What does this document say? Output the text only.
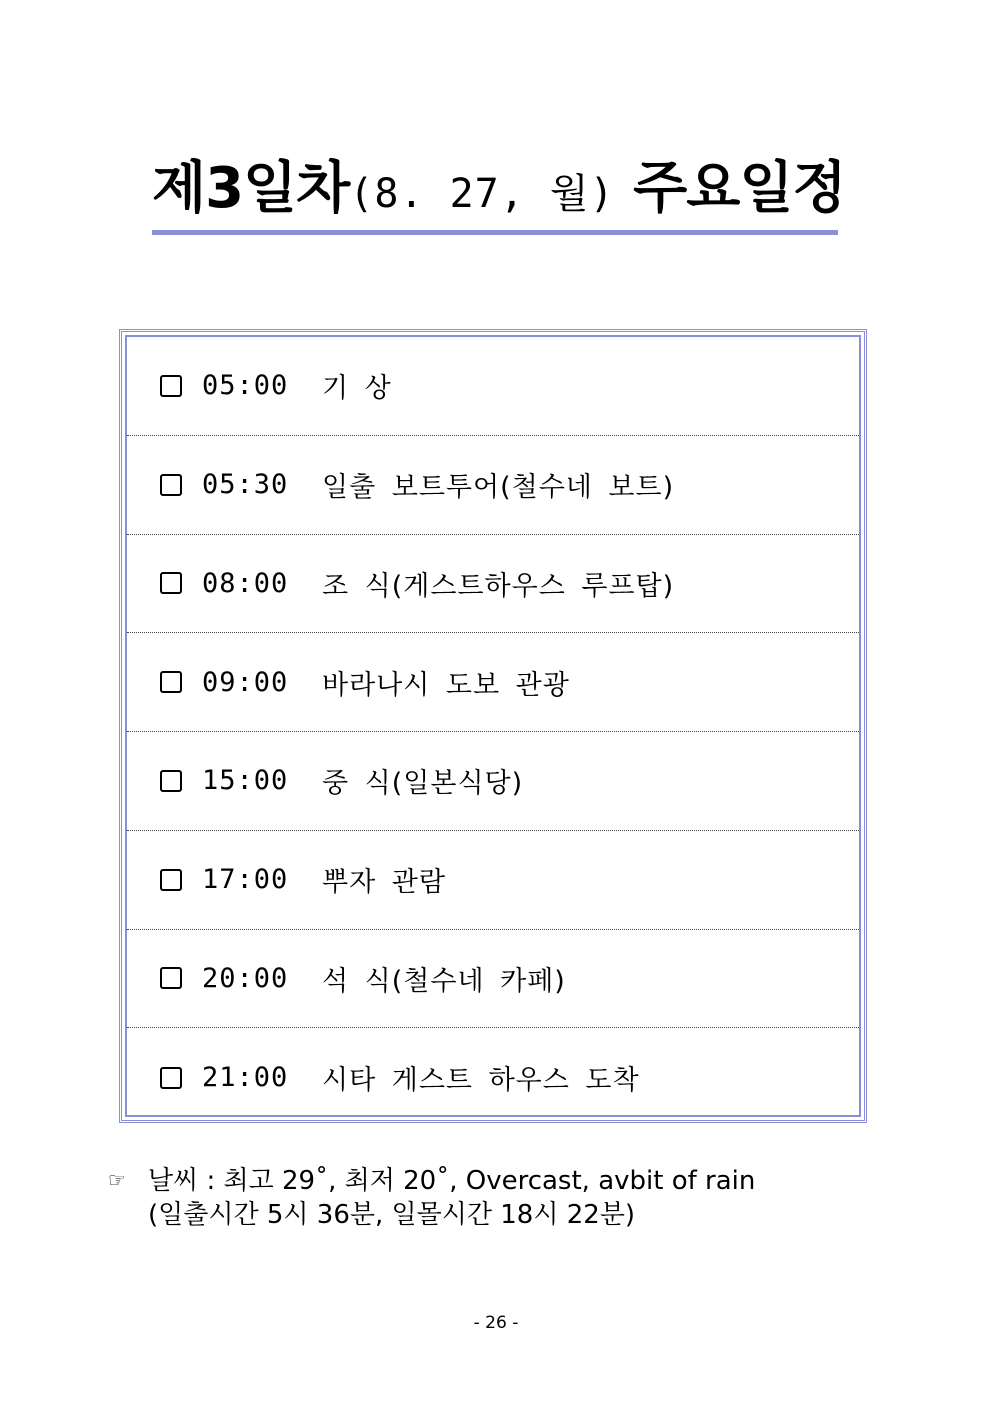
제3일차(8. 27, 월) 주요일정
05:00	기 상
05:30	일출 보트투어(철수네 보트)
08:00	조 식(게스트하우스 루프탑)
09:00	바라나시 도보 관광
15:00	중 식(일본식당)
17:00	뿌자 관람
20:00	석 식(철수네 카페)
21:00	시타 게스트 하우스 도착
☞ 날씨 : 최고 29˚, 최저 20˚, Overcast, avbit of rain
(일출시간 5시 36분, 일몰시간 18시 22분)
- 26 -
